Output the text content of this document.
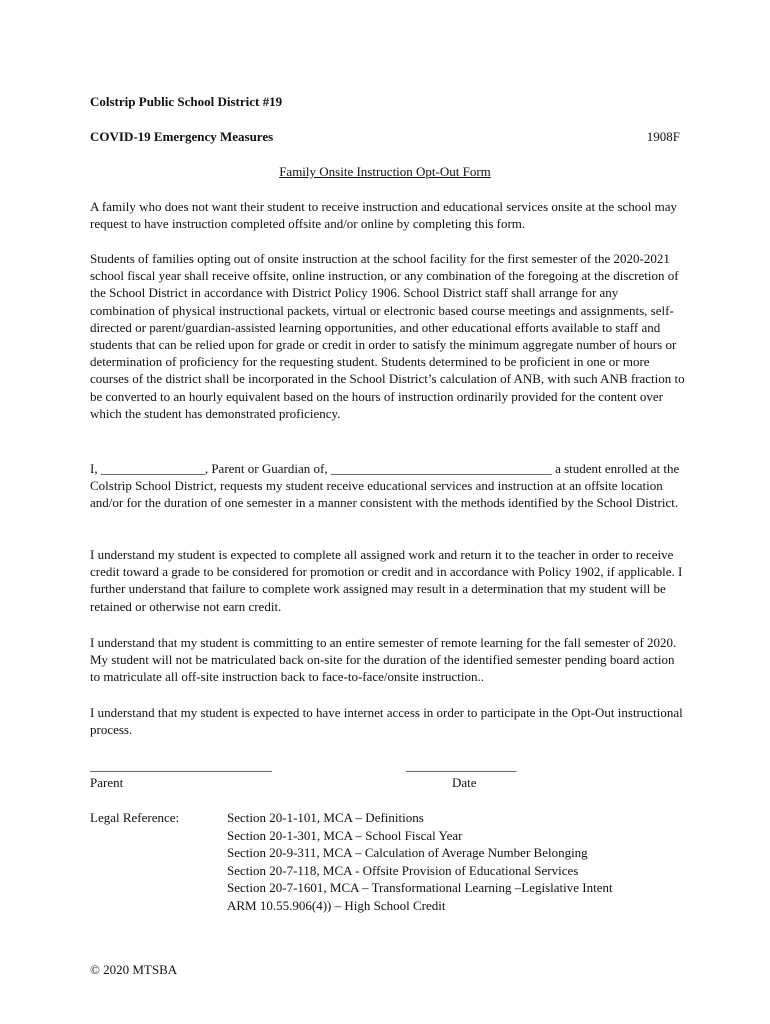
Colstrip Public School District #19
COVID-19 Emergency Measures	1908F
Family Onsite Instruction Opt-Out Form

A family who does not want their student to receive instruction and educational services onsite at the school may request to have instruction completed offsite and/or online by completing this form.

Students of families opting out of onsite instruction at the school facility for the first semester of the 2020-2021 school fiscal year shall receive offsite, online instruction, or any combination of the foregoing at the discretion of the School District in accordance with District Policy 1906. School District staff shall arrange for any combination of physical instructional packets, virtual or electronic based course meetings and assignments, self-directed or parent/guardian-assisted learning opportunities, and other educational efforts available to staff and students that can be relied upon for grade or credit in order to satisfy the minimum aggregate number of hours or determination of proficiency for the requesting student. Students determined to be proficient in one or more courses of the district shall be incorporated in the School District’s calculation of ANB, with such ANB fraction to be converted to an hourly equivalent based on the hours of instruction ordinarily provided for the content over which the student has demonstrated proficiency.

I, ________________, Parent or Guardian of, __________________________________ a student enrolled at the Colstrip School District, requests my student receive educational services and instruction at an offsite location and/or for the duration of one semester in a manner consistent with the methods identified by the School District.

I understand my student is expected to complete all assigned work and return it to the teacher in order to receive credit toward a grade to be considered for promotion or credit and in accordance with Policy 1902, if applicable. I further understand that failure to complete work assigned may result in a determination that my student will be retained or otherwise not earn credit.

I understand that my student is committing to an entire semester of remote learning for the fall semester of 2020. My student will not be matriculated back on-site for the duration of the identified semester pending board action to matriculate all off-site instruction back to face-to-face/onsite instruction..

I understand that my student is expected to have internet access in order to participate in the Opt-Out instructional process.

____________________________	_________________
Parent	Date
Legal Reference:	Section 20-1-101, MCA – Definitions
Section 20-1-301, MCA – School Fiscal Year
Section 20-9-311, MCA – Calculation of Average Number Belonging
Section 20-7-118, MCA - Offsite Provision of Educational Services
Section 20-7-1601, MCA – Transformational Learning –Legislative Intent
ARM 10.55.906(4)) – High School Credit
© 2020 MTSBA
